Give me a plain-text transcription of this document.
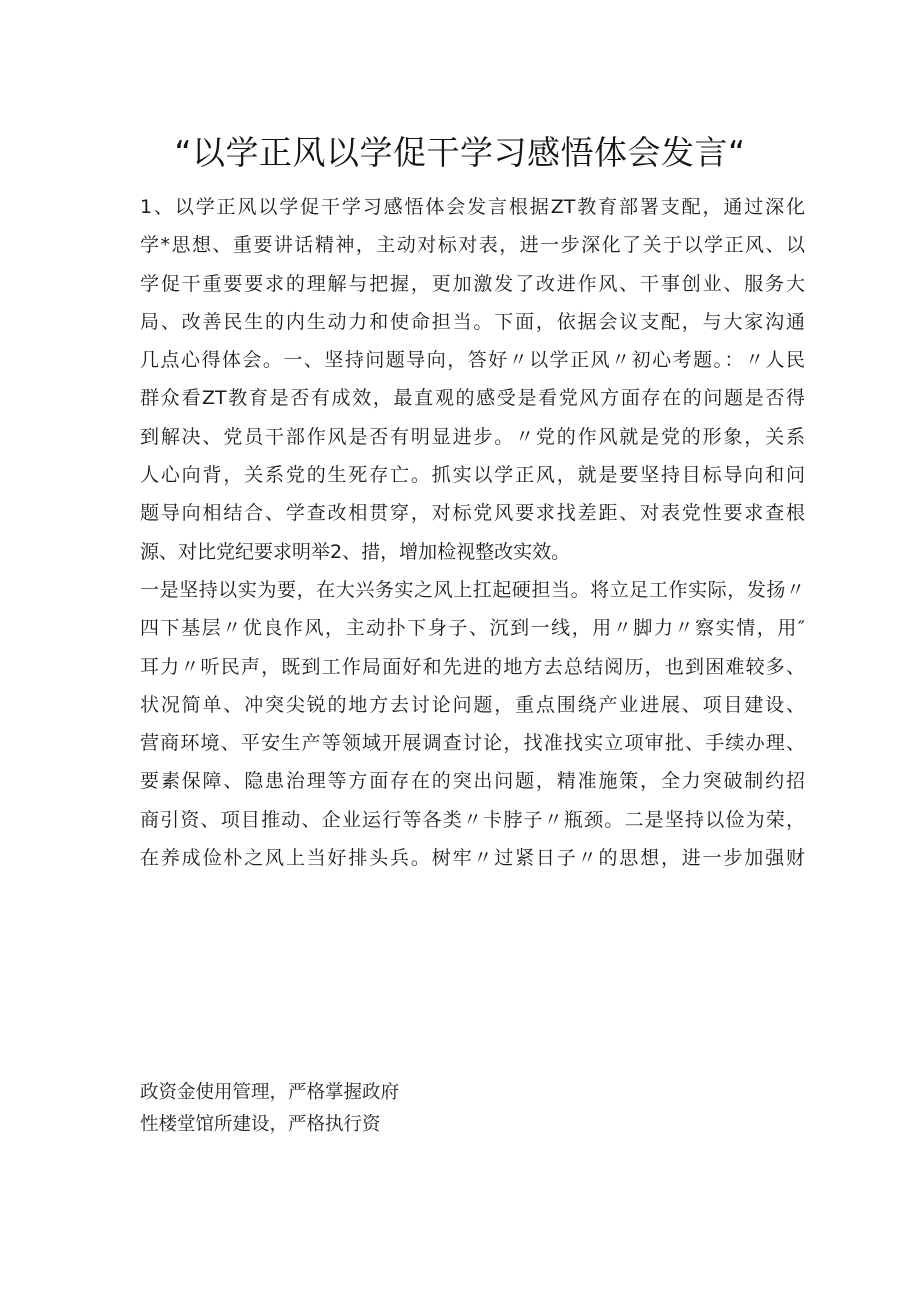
“以学正风以学促干学习感悟体会发言“
1、以学正风以学促干学习感悟体会发言根据ZT教育部署支配，通过深化
学*思想、重要讲话精神，主动对标对表，进一步深化了关于以学正风、以
学促干重要要求的理解与把握，更加激发了改进作风、干事创业、服务大
局、改善民生的内生动力和使命担当。下面，依据会议支配，与大家沟通
几点心得体会。一、坚持问题导向，答好〃以学正风〃初心考题。：〃人民
群众看ZT教育是否有成效，最直观的感受是看党风方面存在的问题是否得
到解决、党员干部作风是否有明显进步。〃党的作风就是党的形象，关系
人心向背，关系党的生死存亡。抓实以学正风，就是要坚持目标导向和问
题导向相结合、学查改相贯穿，对标党风要求找差距、对表党性要求查根
源、对比党纪要求明举2、措，增加检视整改实效。
一是坚持以实为要，在大兴务实之风上扛起硬担当。将立足工作实际，发扬〃
四下基层〃优良作风，主动扑下身子、沉到一线，用〃脚力〃察实情，用″
耳力〃听民声，既到工作局面好和先进的地方去总结阅历，也到困难较多、
状况简单、冲突尖锐的地方去讨论问题，重点围绕产业进展、项目建设、
营商环境、平安生产等领域开展调查讨论，找准找实立项审批、手续办理、
要素保障、隐患治理等方面存在的突出问题，精准施策，全力突破制约招
商引资、项目推动、企业运行等各类〃卡脖子〃瓶颈。二是坚持以俭为荣，
在养成俭朴之风上当好排头兵。树牢〃过紧日子〃的思想，进一步加强财
政资金使用管理，严格掌握政府
性楼堂馆所建设，严格执行资
